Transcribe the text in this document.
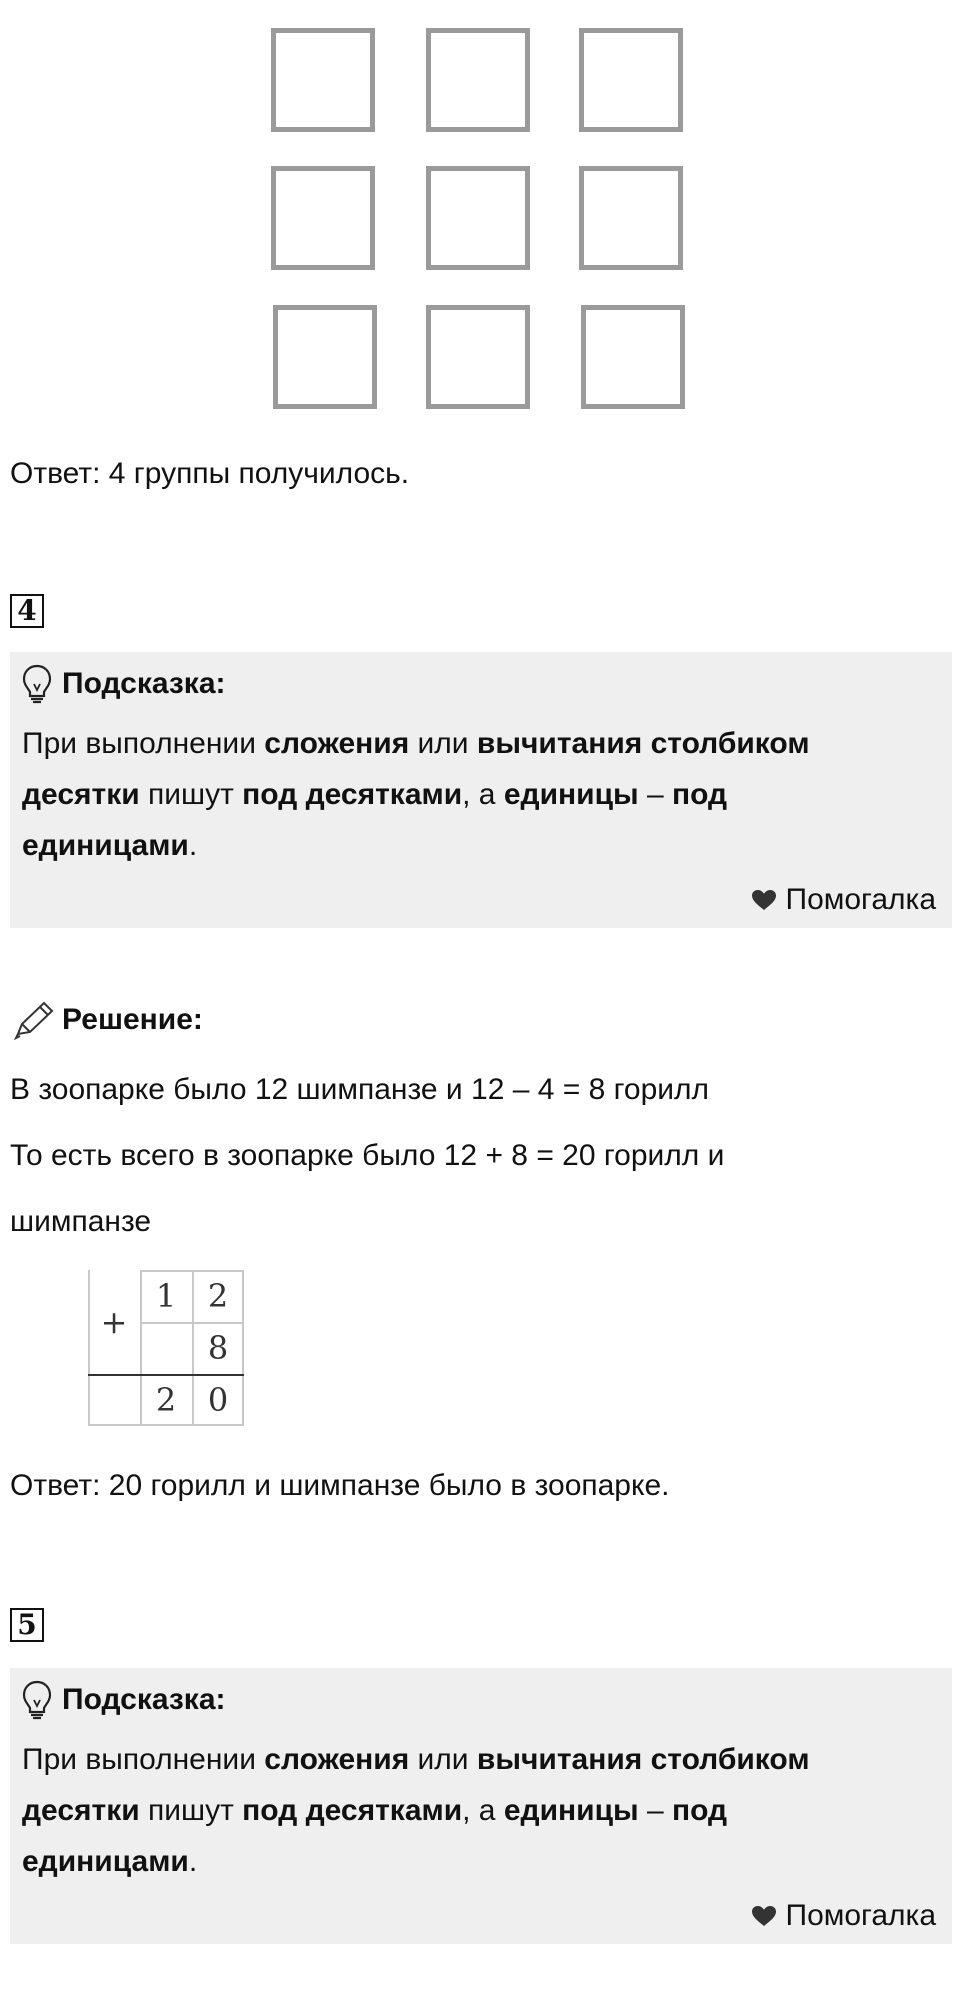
Ответ: 4 группы получилось.
4
Подсказка:
При выполнении сложения или вычитания столбиком
десятки пишут под десятками, а единицы – под
единицами.
Помогалка
Решение:
В зоопарке было 12 шимпанзе и 12 – 4 = 8 горилл
То есть всего в зоопарке было 12 + 8 = 20 горилл и
шимпанзе
+
1 2
8
2 0
Ответ: 20 горилл и шимпанзе было в зоопарке.
5
Подсказка:
При выполнении сложения или вычитания столбиком
десятки пишут под десятками, а единицы – под
единицами.
Помогалка
